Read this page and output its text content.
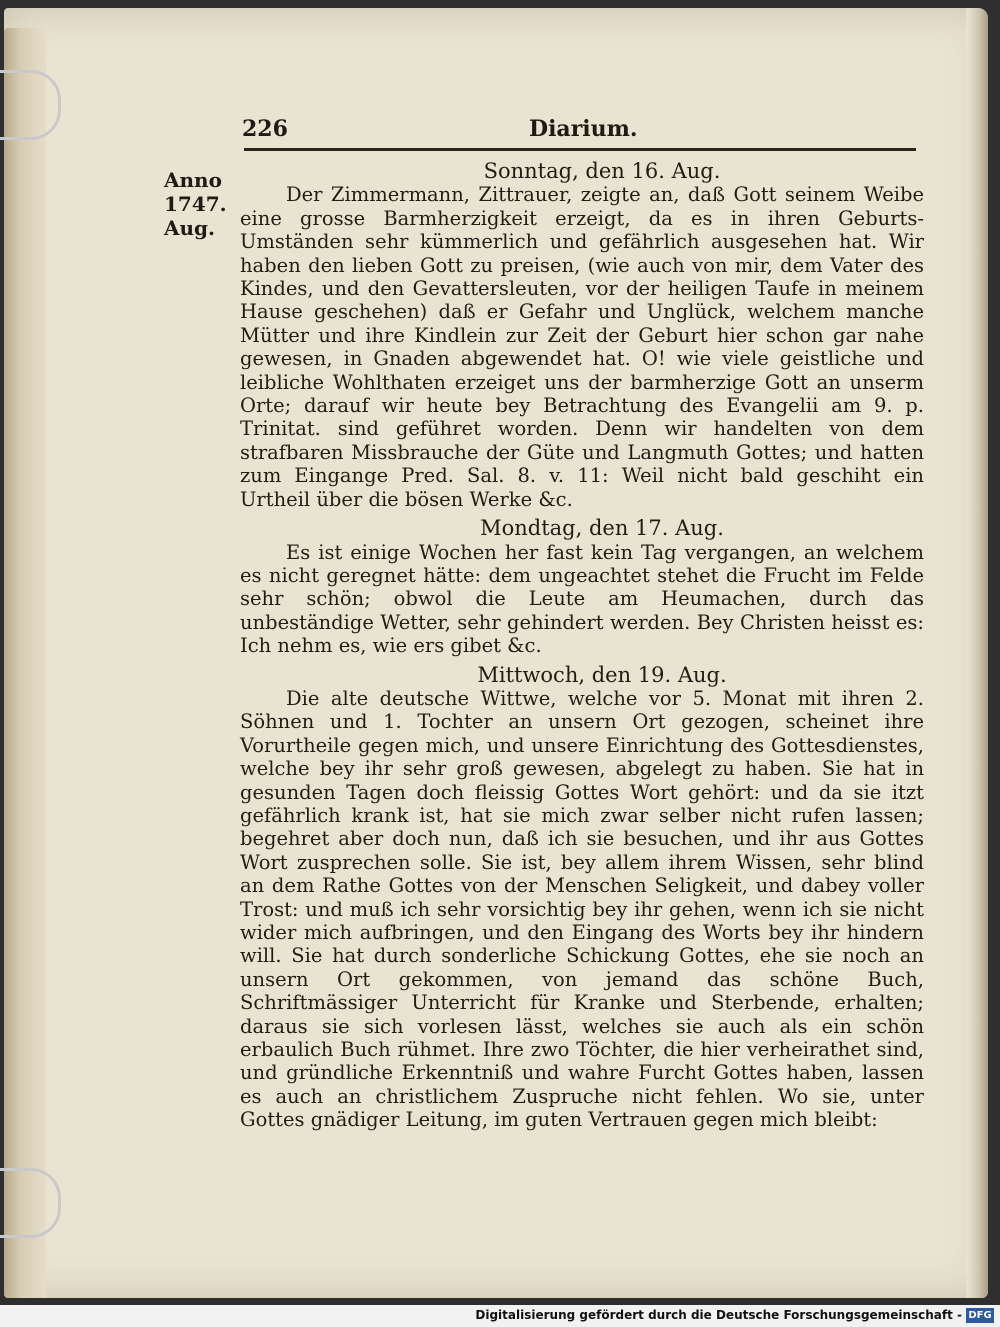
226	Diarium.
Anno
1747.
Aug.

Sonntag, den 16. Aug.

Der Zimmermann, Zittrauer, zeigte an, daß Gott seinem Weibe eine grosse Barmherzigkeit erzeigt, da es in ihren Geburts-Umständen sehr kümmerlich und gefährlich ausgesehen hat. Wir haben den lieben Gott zu preisen, (wie auch von mir, dem Vater des Kindes, und den Gevattersleuten, vor der heiligen Taufe in meinem Hause geschehen) daß er Gefahr und Unglück, welchem manche Mütter und ihre Kindlein zur Zeit der Geburt hier schon gar nahe gewesen, in Gnaden abgewendet hat. O! wie viele geistliche und leibliche Wohlthaten erzeiget uns der barmherzige Gott an unserm Orte; darauf wir heute bey Betrachtung des Evangelii am 9. p. Trinitat. sind geführet worden. Denn wir handelten von dem strafbaren Missbrauche der Güte und Langmuth Gottes; und hatten zum Eingange Pred. Sal. 8. v. 11: Weil nicht bald geschiht ein Urtheil über die bösen Werke &c.

Mondtag, den 17. Aug.

Es ist einige Wochen her fast kein Tag vergangen, an welchem es nicht geregnet hätte: dem ungeachtet stehet die Frucht im Felde sehr schön; obwol die Leute am Heumachen, durch das unbeständige Wetter, sehr gehindert werden. Bey Christen heisst es: Ich nehm es, wie ers gibet &c.

Mittwoch, den 19. Aug.

Die alte deutsche Wittwe, welche vor 5. Monat mit ihren 2. Söhnen und 1. Tochter an unsern Ort gezogen, scheinet ihre Vorurtheile gegen mich, und unsere Einrichtung des Gottesdienstes, welche bey ihr sehr groß gewesen, abgelegt zu haben. Sie hat in gesunden Tagen doch fleissig Gottes Wort gehört: und da sie itzt gefährlich krank ist, hat sie mich zwar selber nicht rufen lassen; begehret aber doch nun, daß ich sie besuchen, und ihr aus Gottes Wort zusprechen solle. Sie ist, bey allem ihrem Wissen, sehr blind an dem Rathe Gottes von der Menschen Seligkeit, und dabey voller Trost: und muß ich sehr vorsichtig bey ihr gehen, wenn ich sie nicht wider mich aufbringen, und den Eingang des Worts bey ihr hindern will. Sie hat durch sonderliche Schickung Gottes, ehe sie noch an unsern Ort gekommen, von jemand das schöne Buch, Schriftmässiger Unterricht für Kranke und Sterbende, erhalten; daraus sie sich vorlesen lässt, welches sie auch als ein schön erbaulich Buch rühmet. Ihre zwo Töchter, die hier verheirathet sind, und gründliche Erkenntniß und wahre Furcht Gottes haben, lassen es auch an christlichem Zuspruche nicht fehlen. Wo sie, unter Gottes gnädiger Leitung, im guten Vertrauen gegen mich bleibt:

Digitalisierung gefördert durch die Deutsche Forschungsgemeinschaft - DFG
